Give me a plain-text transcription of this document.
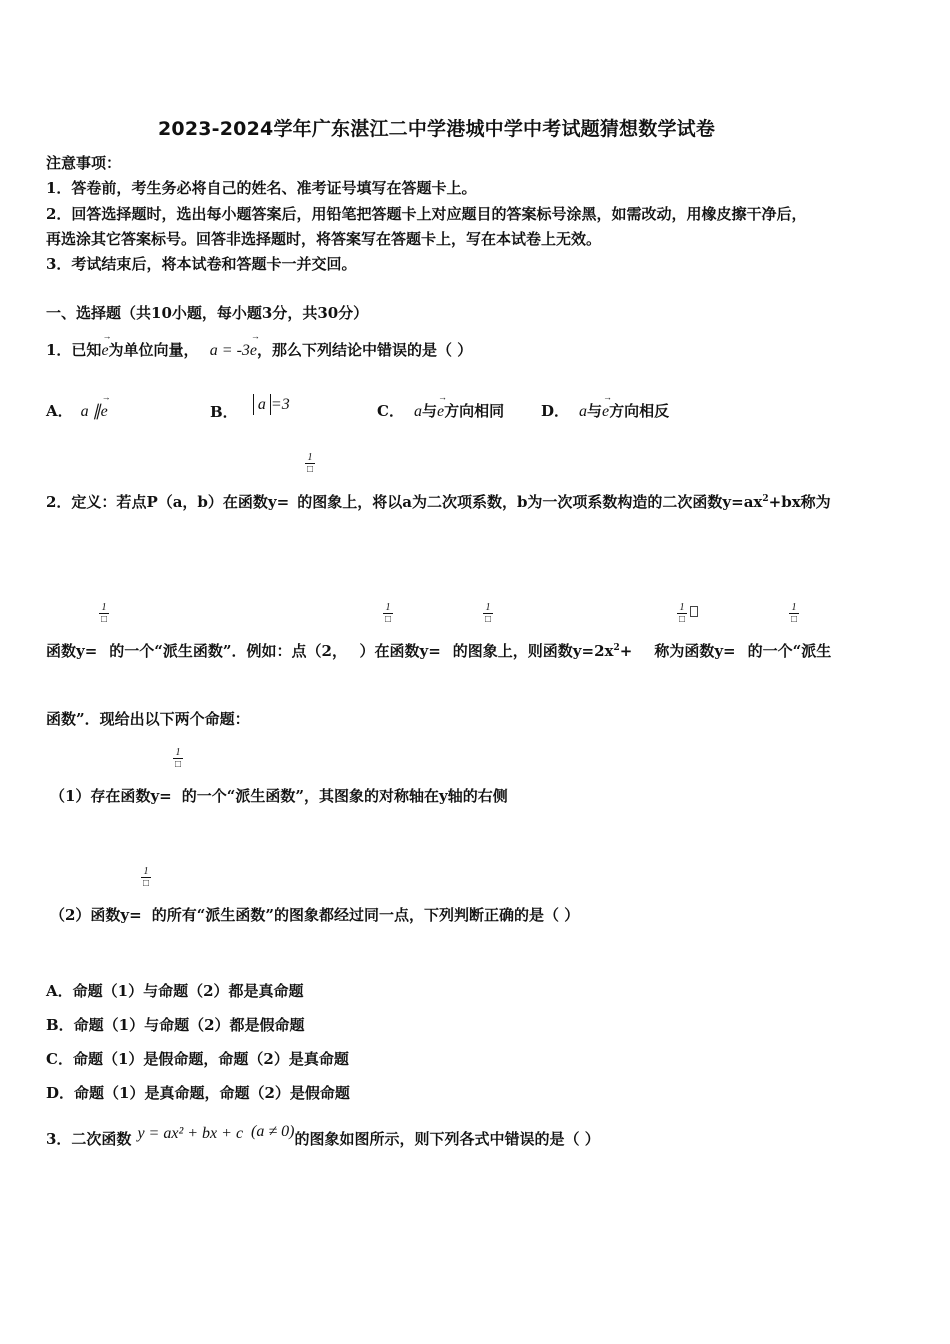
2023-2024学年广东湛江二中学港城中学中考试题猜想数学试卷
注意事项：
1．答卷前，考生务必将自己的姓名、准考证号填写在答题卡上。
2．回答选择题时，选出每小题答案后，用铅笔把答题卡上对应题目的答案标号涂黑，如需改动，用橡皮擦干净后，
再选涂其它答案标号。回答非选择题时，将答案写在答题卡上，写在本试卷上无效。
3．考试结束后，将本试卷和答题卡一并交回。
一、选择题（共10小题，每小题3分，共30分）
1．已知→ e为单位向量， a = -3→ e，那么下列结论中错误的是（ ）
A． a ∥→ e	B． a =3	C． a与→ e方向相同 D． a与→ e方向相反
1
□
2．定义：若点P（a，b）在函数y= 的图象上，将以a为二次项系数，b为一次项系数构造的二次函数$y=ax^2+bx$称为
1
□
1
□
1
□
1
□
1
□
函数y= 的一个“派生函数”．例如：点（2， ）在函数y= 的图象上，则函数$y=2x^2+$ 称为函数y= 的一个“派生
函数”．现给出以下两个命题：
1
□
（1）存在函数y= 的一个“派生函数”，其图象的对称轴在y轴的右侧
1
□
（2）函数y= 的所有“派生函数”的图象都经过同一点，下列判断正确的是（ ）
A．命题（1）与命题（2）都是真命题
B．命题（1）与命题（2）都是假命题
C．命题（1）是假命题，命题（2）是真命题
D．命题（1）是真命题，命题（2）是假命题
3．二次函数 y = ax² + bx + c (a ≠ 0)的图象如图所示，则下列各式中错误的是（ ）
